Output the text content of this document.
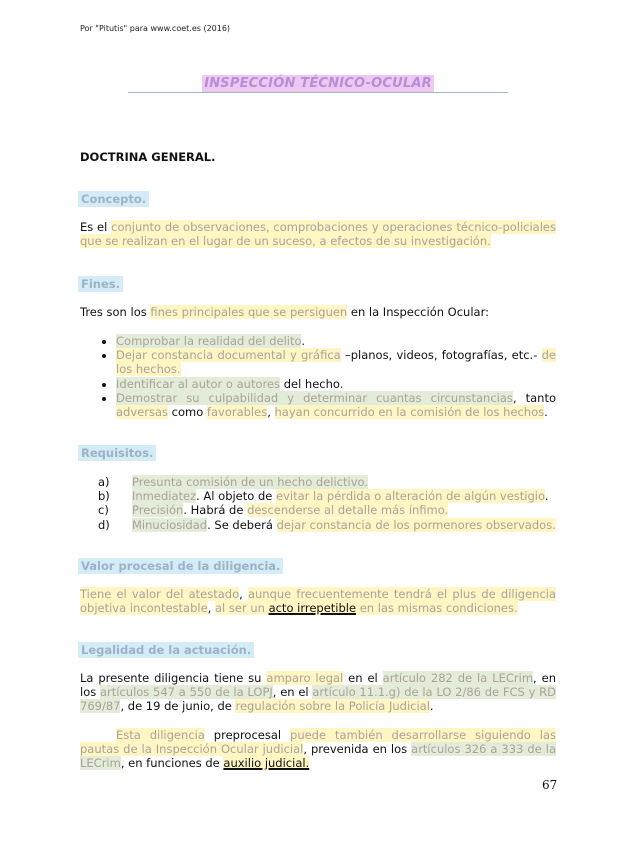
Por "Pitutis" para www.coet.es (2016)
INSPECCIÓN TÉCNICO-OCULAR
DOCTRINA GENERAL.
Concepto.
Es el conjunto de observaciones, comprobaciones y operaciones técnico-policiales que se realizan en el lugar de un suceso, a efectos de su investigación.
Fines.
Tres son los fines principales que se persiguen en la Inspección Ocular:
• Comprobar la realidad del delito.
• Dejar constancia documental y gráfica –planos, videos, fotografías, etc.- de los hechos.
• Identificar al autor o autores del hecho.
• Demostrar su culpabilidad y determinar cuantas circunstancias, tanto adversas como favorables, hayan concurrido en la comisión de los hechos.
Requisitos.
a) Presunta comisión de un hecho delictivo.
b) Inmediatez. Al objeto de evitar la pérdida o alteración de algún vestigio.
c) Precisión. Habrá de descenderse al detalle más ínfimo.
d) Minuciosidad. Se deberá dejar constancia de los pormenores observados.
Valor procesal de la diligencia.
Tiene el valor del atestado, aunque frecuentemente tendrá el plus de diligencia objetiva incontestable, al ser un acto irrepetible en las mismas condiciones.
Legalidad de la actuación.
La presente diligencia tiene su amparo legal en el artículo 282 de la LECrim, en los artículos 547 a 550 de la LOPJ, en el artículo 11.1.g) de la LO 2/86 de FCS y RD 769/87, de 19 de junio, de regulación sobre la Policía Judicial.
Esta diligencia preprocesal puede también desarrollarse siguiendo las pautas de la Inspección Ocular judicial, prevenida en los artículos 326 a 333 de la LECrim, en funciones de auxilio judicial.
67
